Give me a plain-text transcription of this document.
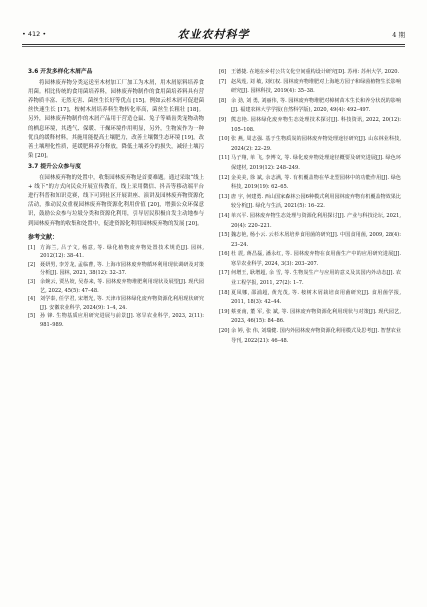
• 412 •	农业农村科学	4 期
3.6 开发多样化木屑产品

将园林废弃物分类运送至木材加工厂加工为木屑，用木屑原料培养食用菌。相比传统的食用菌培养料，园林废弃物制作的食用菌培养料具有营养物质丰富、无然无害、菌丝生长好等优点 [15]。例如云杉木屑可促进菌丝快速生长 [17]，桉树木屑培养料生物转化率高，菌丝生长粗壮 [18]。另外，园林废弃物制作的木屑产品用于营造仓鼠、兔子等啮齿类宠物动物的栖息环境，其透气、保暖、干燥环境作用明显，另外，生物炭作为一种优良的缓释材料，其施用能提高土壤肥力，改善土壤微生态环境 [19]，改善土壤理化性质，延缓肥料养分释放，降低土壤养分的损失，减轻土壤污染 [20]。

3.7 提升公众参与度

在园林废弃物的处置中，收集园林废弃物是首要难题。通过采取“线上 + 线下”的方式向民众开展宣传教育，线上采用微信、抖音等移动端平台进行科普和知识竞赛，线下可到社区开展讲座、演讲及园林废弃物资源化活动，推动民众重视园林废弃物资源化利用价值 [20]，增强公众环保意识，鼓励公众参与垃圾分类和资源化利用，引导居民积极自发主动地参与到园林废弃物的收集和处置中，促进资源化利用园林废弃物的发展 [20]。

参考文献：
[1] 方海兰, 吕子文, 杨意, 等. 绿化植物废弃物处置技术规范[J]. 园林, 2012(12): 38–41.
[2] 聂妍男, 李芳龙, 孟临曹, 等. 上海市园林废弃物循环利用现状调研及对策分析[J]. 园林, 2021, 38(12): 32–37.
[3] 余婉云, 贾丛姣, 吴春来, 等. 园林废弃物堆肥利用现状及展望[J]. 现代园艺, 2022, 45(5): 47–48.
[4] 刘学泰, 任学君, 宋增光, 等. 天津市园林绿化废弃物资源化利用现状研究[J]. 安徽农业科学, 2024(9): 1–4, 24.
[5] 孙 锋. 生物基质应用研究进展与前景[J]. 寒旱农业科学, 2023, 2(11): 981–989.
[6] 王德捷. 在地在乡村公共文化空间重构设计研究[D]. 苏州: 苏州大学, 2020.
[7] 赵凤莲, 刘 敏, 刘红权. 园林废弃物堆肥对上海地方园子和绿茵植物生长影响研究[J]. 园林科技, 2019(4): 35–38.
[8] 余 劲, 刘 勇, 刘丽伟, 等. 园林废弃物堆肥对樟树苗木生长和养分状况的影响[J]. 福建农林大学学报(自然科学版), 2020, 49(4): 492–497.
[9] 熊志艳. 园林绿化废弃物生态处理技术探讨[J]. 科技资讯, 2022, 20(12): 105–108.
[10] 张 燕, 周志强. 基于生物质炭的园林废弃物处理途径研究[J]. 山东林业科技, 2024(2): 22–29.
[11] 马子翔, 单 飞, 李博文, 等. 绿化废弃物处理途径概要及研究进展[J]. 绿色环保建材, 2019(12): 248–249.
[12] 金美美, 徐 斌, 余志满, 等. 有机覆盖物在华北型园林中的功能作用[J]. 绿色科技, 2019(19): 62–65.
[13] 唐 宇, 何建勇. 西山国家森林公园6种模式利用园林废弃物有机覆盖物效果比较分析[J]. 绿化与生活, 2021(5): 16–22.
[14] 单兴平. 园林废弃物生态处理与资源化利用探讨[J]. 产业与科技论坛, 2021, 20(4): 220–221.
[15] 魏志艳, 杨小云. 云杉木屑培养食用菌的研究[J]. 中国食用菌, 2009, 28(4): 23–24.
[16] 杜 震, 蒋昌磊, 潘永红, 等. 园林废弃物在食用菌生产中的应用研究进展[J]. 寒旱农业科学, 2024, 3(3): 203–207.
[17] 何增王, 耿增超, 余 雪, 等. 生物炭生产与应用的意义及其国内外动态[J]. 农业工程学报, 2011, 27(2): 1–7.
[18] 夏凤娜, 邵浦超, 黄光茂, 等. 桉树木屑栽培食用菌研究[J]. 食用菌学报, 2011, 18(3): 42–44.
[19] 蔡亚南, 董 军, 张 斌, 等. 园林废弃物资源化利用现状与对策[J]. 现代园艺, 2023, 46(15): 84–86.
[20] 余 婷, 张 伟, 刘瑞健. 国内外园林废弃物资源化利用模式及思考[J]. 智慧农业导刊, 2022(21): 46–48.
